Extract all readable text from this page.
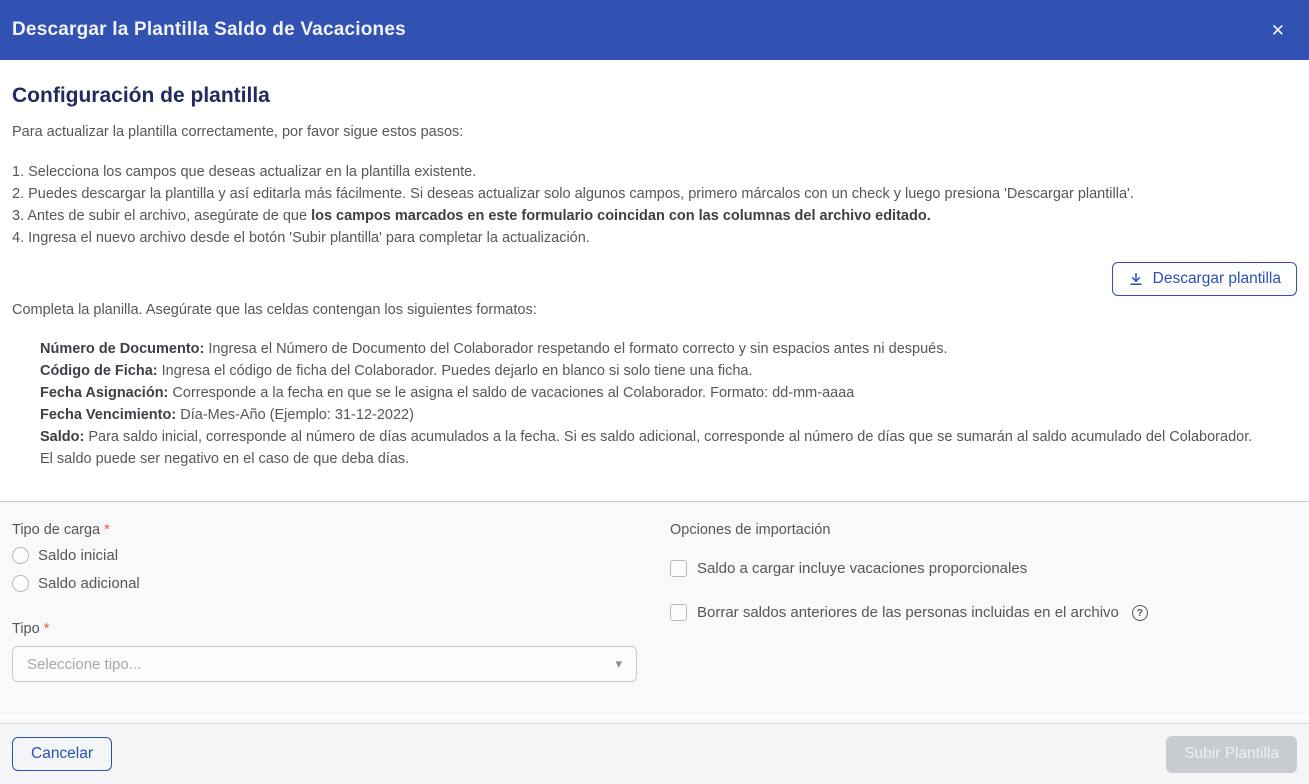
Descargar la Plantilla Saldo de Vacaciones	✕
Configuración de plantilla

Para actualizar la plantilla correctamente, por favor sigue estos pasos:

1. Selecciona los campos que deseas actualizar en la plantilla existente.
2. Puedes descargar la plantilla y así editarla más fácilmente. Si deseas actualizar solo algunos campos, primero márcalos con un check y luego presiona 'Descargar plantilla'.
3. Antes de subir el archivo, asegúrate de que los campos marcados en este formulario coincidan con las columnas del archivo editado.
4. Ingresa el nuevo archivo desde el botón 'Subir plantilla' para completar la actualización.
Descargar plantilla

Completa la planilla. Asegúrate que las celdas contengan los siguientes formatos:

Número de Documento: Ingresa el Número de Documento del Colaborador respetando el formato correcto y sin espacios antes ni después.
Código de Ficha: Ingresa el código de ficha del Colaborador. Puedes dejarlo en blanco si solo tiene una ficha.
Fecha Asignación: Corresponde a la fecha en que se le asigna el saldo de vacaciones al Colaborador. Formato: dd-mm-aaaa
Fecha Vencimiento: Día-Mes-Año (Ejemplo: 31-12-2022)
Saldo: Para saldo inicial, corresponde al número de días acumulados a la fecha. Si es saldo adicional, corresponde al número de días que se sumarán al saldo acumulado del Colaborador. El saldo puede ser negativo en el caso de que deba días.
Tipo de carga *
Saldo inicial
Saldo adicional
Tipo *
Seleccione tipo...	▾
Opciones de importación
Saldo a cargar incluye vacaciones proporcionales
Borrar saldos anteriores de las personas incluidas en el archivo	?
Cancelar	Subir Plantilla
